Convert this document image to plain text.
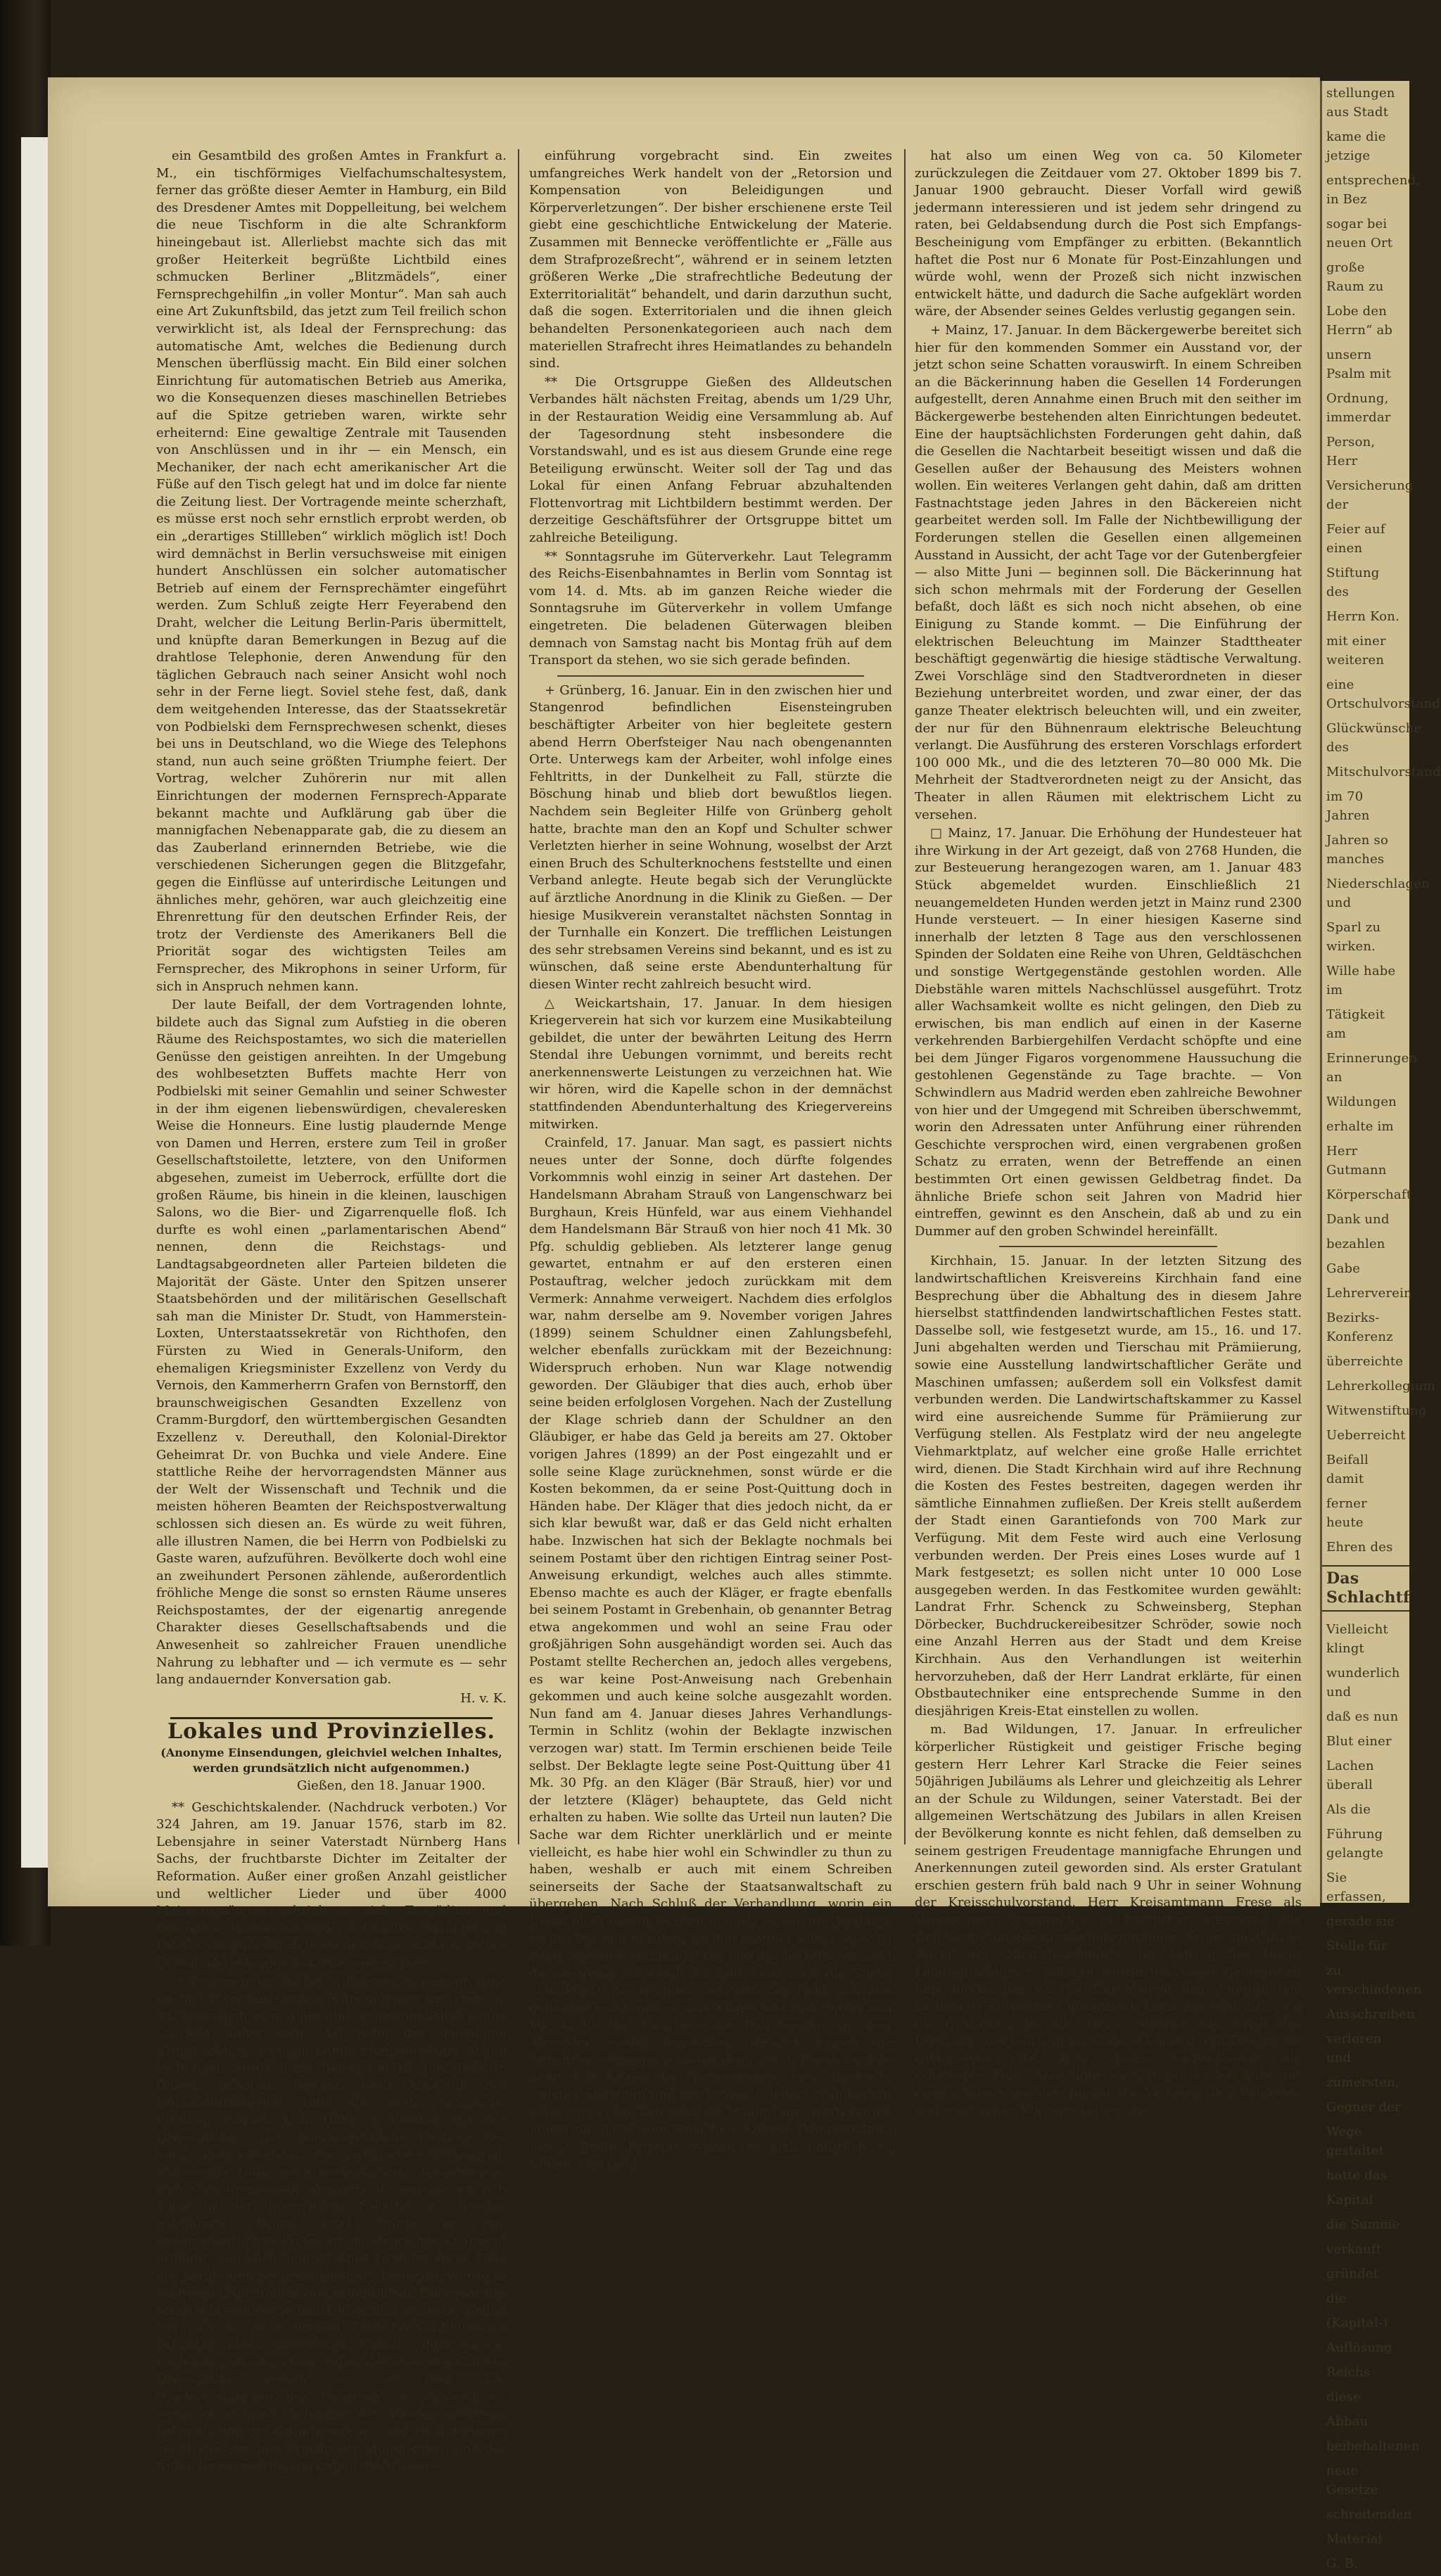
ein Gesamtbild des großen Amtes in Frankfurt a. M., ein tischförmiges Vielfachumschaltesystem, ferner das größte dieser Aemter in Hamburg, ein Bild des Dresdener Amtes mit Doppelleitung, bei welchem die neue Tischform in die alte Schrankform hineingebaut ist. Allerliebst machte sich das mit großer Heiterkeit begrüßte Lichtbild eines schmucken Berliner „Blitzmädels“, einer Fernsprechgehilfin „in voller Montur“. Man sah auch eine Art Zukunftsbild, das jetzt zum Teil freilich schon verwirklicht ist, als Ideal der Fernsprechung: das automatische Amt, welches die Bedienung durch Menschen überflüssig macht. Ein Bild einer solchen Einrichtung für automatischen Betrieb aus Amerika, wo die Konsequenzen dieses maschinellen Betriebes auf die Spitze getrieben waren, wirkte sehr erheiternd: Eine gewaltige Zentrale mit Tausenden von Anschlüssen und in ihr — ein Mensch, ein Mechaniker, der nach echt amerikanischer Art die Füße auf den Tisch gelegt hat und im dolce far niente die Zeitung liest. Der Vortragende meinte scherzhaft, es müsse erst noch sehr ernstlich erprobt werden, ob ein „derartiges Stillleben“ wirklich möglich ist! Doch wird demnächst in Berlin versuchsweise mit einigen hundert Anschlüssen ein solcher automatischer Betrieb auf einem der Fernsprechämter eingeführt werden. Zum Schluß zeigte Herr Feyerabend den Draht, welcher die Leitung Berlin-Paris übermittelt, und knüpfte daran Bemerkungen in Bezug auf die drahtlose Telephonie, deren Anwendung für den täglichen Gebrauch nach seiner Ansicht wohl noch sehr in der Ferne liegt. Soviel stehe fest, daß, dank dem weitgehenden Interesse, das der Staatssekretär von Podbielski dem Fernsprechwesen schenkt, dieses bei uns in Deutschland, wo die Wiege des Telephons stand, nun auch seine größten Triumphe feiert. Der Vortrag, welcher Zuhörerin nur mit allen Einrichtungen der modernen Fernsprech-Apparate bekannt machte und Aufklärung gab über die mannigfachen Nebenapparate gab, die zu diesem an das Zauberland erinnernden Betriebe, wie die verschiedenen Sicherungen gegen die Blitzgefahr, gegen die Einflüsse auf unterirdische Leitungen und ähnliches mehr, gehören, war auch gleichzeitig eine Ehrenrettung für den deutschen Erfinder Reis, der trotz der Verdienste des Amerikaners Bell die Priorität sogar des wichtigsten Teiles am Fernsprecher, des Mikrophons in seiner Urform, für sich in Anspruch nehmen kann.

Der laute Beifall, der dem Vortragenden lohnte, bildete auch das Signal zum Aufstieg in die oberen Räume des Reichspostamtes, wo sich die materiellen Genüsse den geistigen anreihten. In der Umgebung des wohlbesetzten Buffets machte Herr von Podbielski mit seiner Gemahlin und seiner Schwester in der ihm eigenen liebenswürdigen, chevaleresken Weise die Honneurs. Eine lustig plaudernde Menge von Damen und Herren, erstere zum Teil in großer Gesellschaftstoilette, letztere, von den Uniformen abgesehen, zumeist im Ueberrock, erfüllte dort die großen Räume, bis hinein in die kleinen, lauschigen Salons, wo die Bier- und Zigarrenquelle floß. Ich durfte es wohl einen „parlamentarischen Abend“ nennen, denn die Reichstags- und Landtagsabgeordneten aller Parteien bildeten die Majorität der Gäste. Unter den Spitzen unserer Staatsbehörden und der militärischen Gesellschaft sah man die Minister Dr. Studt, von Hammerstein-Loxten, Unterstaatssekretär von Richthofen, den Fürsten zu Wied in Generals-Uniform, den ehemaligen Kriegsminister Exzellenz von Verdy du Vernois, den Kammerherrn Grafen von Bernstorff, den braunschweigischen Gesandten Exzellenz von Cramm-Burgdorf, den württembergischen Gesandten Exzellenz v. Dereuthall, den Kolonial-Direktor Geheimrat Dr. von Buchka und viele Andere. Eine stattliche Reihe der hervorragendsten Männer aus der Welt der Wissenschaft und Technik und die meisten höheren Beamten der Reichspostverwaltung schlossen sich diesen an. Es würde zu weit führen, alle illustren Namen, die bei Herrn von Podbielski zu Gaste waren, aufzuführen. Bevölkerte doch wohl eine an zweihundert Personen zählende, außerordentlich fröhliche Menge die sonst so ernsten Räume unseres Reichspostamtes, der der eigenartig anregende Charakter dieses Gesellschaftsabends und die Anwesenheit so zahlreicher Frauen unendliche Nahrung zu lebhafter und — ich vermute es — sehr lang andauernder Konversation gab.

H. v. K.

Lokales und Provinzielles.

(Anonyme Einsendungen, gleichviel welchen Inhaltes, werden grundsätzlich nicht aufgenommen.)

Gießen, den 18. Januar 1900.

** Geschichtskalender. (Nachdruck verboten.) Vor 324 Jahren, am 19. Januar 1576, starb im 82. Lebensjahre in seiner Vaterstadt Nürnberg Hans Sachs, der fruchtbarste Dichter im Zeitalter der Reformation. Außer einer großen Anzahl geistlicher und weltlicher Lieder und über 4000 Meistergesängen schrieb er viele Tragödien und Komödien, Fastnachtsspiele, Schwänke, Sprüche und Fabeln, die sich durch gesunden Sinn, echt deutsches Gemüt und schlagenden Witz auszeichnen.

** Professor Dr. Beling in Breslau, der einem Rufe an die Universität Gießen Folge geleistet hat, steht im 34. Lebensjahre, und hat eine ungewöhnlich schnelle Carrière hinter sich. Als Sohn des damaligen Kreisdirektors, jetzigen Landgerichtsdirektors Beling in Breslau wurde Ernst Beling am 19. Juni 1866 in Glogau geboren, bestand nach Abschluß der Universitätsstudien 1888 die erste juristische Prüfung, erwarb sich 1890 in Breslau mit der Dissertation: „Die gemeinrechtliche Geltung der operis novi nunciatio“ den juristischen Doktorgrad, und wurde 1892, nach bestandenem Staatsexamen, zum Gerichtsassessor ernannt, als welcher er sich 1893 in der juristischen Fakultät zu Breslau habilitierte. Schon 1897 wurde er zum außerordentlichen Professor für deutsches Zivilrecht ernannt, und nach dem im April 1898 erfolgten Tode des berühmten Strafrechtslehrers Bennecke wurde er als dessen Nachfolger zum ordentlichen Professor des Strafrechts an derselben Universität ernannt. Beling hat sich in einer großen Zahl hochbedeutsamer Schriften einen geachteten Namen unter seinen Fachgenossen erworben. Außer der oben angeführten Dissertation nennen wir von ihm: „Die Wiedereinführung der Berufung in Strafsachen“, worin er sich als Anhänger der Wiedereinführung bekannt, und die Gründe erörtert und zu widerlegen sucht, die aus dem Prinzip der Mündlichkeit und der freien Beweiswürdigung gegen die Wieder-

einführung vorgebracht sind. Ein zweites umfangreiches Werk handelt von der „Retorsion und Kompensation von Beleidigungen und Körperverletzungen“. Der bisher erschienene erste Teil giebt eine geschichtliche Entwickelung der Materie. Zusammen mit Bennecke veröffentlichte er „Fälle aus dem Strafprozeßrecht“, während er in seinem letzten größeren Werke „Die strafrechtliche Bedeutung der Exterritorialität“ behandelt, und darin darzuthun sucht, daß die sogen. Exterritorialen und die ihnen gleich behandelten Personenkategorieen auch nach dem materiellen Strafrecht ihres Heimatlandes zu behandeln sind.

** Die Ortsgruppe Gießen des Alldeutschen Verbandes hält nächsten Freitag, abends um 1/29 Uhr, in der Restauration Weidig eine Versammlung ab. Auf der Tagesordnung steht insbesondere die Vorstandswahl, und es ist aus diesem Grunde eine rege Beteiligung erwünscht. Weiter soll der Tag und das Lokal für einen Anfang Februar abzuhaltenden Flottenvortrag mit Lichtbildern bestimmt werden. Der derzeitige Geschäftsführer der Ortsgruppe bittet um zahlreiche Beteiligung.

** Sonntagsruhe im Güterverkehr. Laut Telegramm des Reichs-Eisenbahnamtes in Berlin vom Sonntag ist vom 14. d. Mts. ab im ganzen Reiche wieder die Sonntagsruhe im Güterverkehr in vollem Umfange eingetreten. Die beladenen Güterwagen bleiben demnach von Samstag nacht bis Montag früh auf dem Transport da stehen, wo sie sich gerade befinden.

+ Grünberg, 16. Januar. Ein in den zwischen hier und Stangenrod befindlichen Eisensteingruben beschäftigter Arbeiter von hier begleitete gestern abend Herrn Oberfsteiger Nau nach obengenannten Orte. Unterwegs kam der Arbeiter, wohl infolge eines Fehltritts, in der Dunkelheit zu Fall, stürzte die Böschung hinab und blieb dort bewußtlos liegen. Nachdem sein Begleiter Hilfe von Grünberg geholt hatte, brachte man den an Kopf und Schulter schwer Verletzten hierher in seine Wohnung, woselbst der Arzt einen Bruch des Schulterknochens feststellte und einen Verband anlegte. Heute begab sich der Verunglückte auf ärztliche Anordnung in die Klinik zu Gießen. — Der hiesige Musikverein veranstaltet nächsten Sonntag in der Turnhalle ein Konzert. Die trefflichen Leistungen des sehr strebsamen Vereins sind bekannt, und es ist zu wünschen, daß seine erste Abendunterhaltung für diesen Winter recht zahlreich besucht wird.

△ Weickartshain, 17. Januar. In dem hiesigen Kriegerverein hat sich vor kurzem eine Musikabteilung gebildet, die unter der bewährten Leitung des Herrn Stendal ihre Uebungen vornimmt, und bereits recht anerkennenswerte Leistungen zu verzeichnen hat. Wie wir hören, wird die Kapelle schon in der demnächst stattfindenden Abendunterhaltung des Kriegervereins mitwirken.

Crainfeld, 17. Januar. Man sagt, es passiert nichts neues unter der Sonne, doch dürfte folgendes Vorkommnis wohl einzig in seiner Art dastehen. Der Handelsmann Abraham Strauß von Langenschwarz bei Burghaun, Kreis Hünfeld, war aus einem Viehhandel dem Handelsmann Bär Strauß von hier noch 41 Mk. 30 Pfg. schuldig geblieben. Als letzterer lange genug gewartet, entnahm er auf den ersteren einen Postauftrag, welcher jedoch zurückkam mit dem Vermerk: Annahme verweigert. Nachdem dies erfolglos war, nahm derselbe am 9. November vorigen Jahres (1899) seinem Schuldner einen Zahlungsbefehl, welcher ebenfalls zurückkam mit der Bezeichnung: Widerspruch erhoben. Nun war Klage notwendig geworden. Der Gläubiger that dies auch, erhob über seine beiden erfolglosen Vorgehen. Nach der Zustellung der Klage schrieb dann der Schuldner an den Gläubiger, er habe das Geld ja bereits am 27. Oktober vorigen Jahres (1899) an der Post eingezahlt und er solle seine Klage zurücknehmen, sonst würde er die Kosten bekommen, da er seine Post-Quittung doch in Händen habe. Der Kläger that dies jedoch nicht, da er sich klar bewußt war, daß er das Geld nicht erhalten habe. Inzwischen hat sich der Beklagte nochmals bei seinem Postamt über den richtigen Eintrag seiner Post-Anweisung erkundigt, welches auch alles stimmte. Ebenso machte es auch der Kläger, er fragte ebenfalls bei seinem Postamt in Grebenhain, ob genannter Betrag etwa angekommen und wohl an seine Frau oder großjährigen Sohn ausgehändigt worden sei. Auch das Postamt stellte Recherchen an, jedoch alles vergebens, es war keine Post-Anweisung nach Grebenhain gekommen und auch keine solche ausgezahlt worden. Nun fand am 4. Januar dieses Jahres Verhandlungs-Termin in Schlitz (wohin der Beklagte inzwischen verzogen war) statt. Im Termin erschienen beide Teile selbst. Der Beklagte legte seine Post-Quittung über 41 Mk. 30 Pfg. an den Kläger (Bär Strauß, hier) vor und der letztere (Kläger) behauptete, das Geld nicht erhalten zu haben. Wie sollte das Urteil nun lauten? Die Sache war dem Richter unerklärlich und er meinte vielleicht, es habe hier wohl ein Schwindler zu thun zu haben, weshalb er auch mit einem Schreiben seinerseits der Sache der Staatsanwaltschaft zu übergeben. Nach Schluß der Verhandlung, worin ein Urteil nicht gefällt werden konnte, wurde der Beklagte an das Postamt gerufen, wo ihm eröffnet wurde, daß die Postanweisung vorigen Jahres und das betreffende Geld da sei (denn während der Zeit hatte sich die Sache aufgeklärt). Als letzterer sah, daß das Geld sich nun gefunden hatte, gab er dem Kläger nun den Betrag von Mk 41,30. Das Geld von der Post wurde nun dem Absender wieder angeboten, welcher jedoch die Annahme verweigerte. Nach dem, am 7. Januar, wurde dann dem Kläger die Postanweisung hier zugestellt, welcher abgethan und der Prozeß erledigt. Nun kommt noch eine Frage und zwar die Hauptfrage: Werträgt die immerhin nicht unerheblichen Kosten (Weggebühren usw.)? Beide Parteien wissen es sich natürlich zu zahlen. Das Geld

hat also um einen Weg von ca. 50 Kilometer zurückzulegen die Zeitdauer vom 27. Oktober 1899 bis 7. Januar 1900 gebraucht. Dieser Vorfall wird gewiß jedermann interessieren und ist jedem sehr dringend zu raten, bei Geldabsendung durch die Post sich Empfangs-Bescheinigung vom Empfänger zu erbitten. (Bekanntlich haftet die Post nur 6 Monate für Post-Einzahlungen und würde wohl, wenn der Prozeß sich nicht inzwischen entwickelt hätte, und dadurch die Sache aufgeklärt worden wäre, der Absender seines Geldes verlustig gegangen sein.

+ Mainz, 17. Januar. In dem Bäckergewerbe bereitet sich hier für den kommenden Sommer ein Ausstand vor, der jetzt schon seine Schatten vorauswirft. In einem Schreiben an die Bäckerinnung haben die Gesellen 14 Forderungen aufgestellt, deren Annahme einen Bruch mit den seither im Bäckergewerbe bestehenden alten Einrichtungen bedeutet. Eine der hauptsächlichsten Forderungen geht dahin, daß die Gesellen die Nachtarbeit beseitigt wissen und daß die Gesellen außer der Behausung des Meisters wohnen wollen. Ein weiteres Verlangen geht dahin, daß am dritten Fastnachtstage jeden Jahres in den Bäckereien nicht gearbeitet werden soll. Im Falle der Nichtbewilligung der Forderungen stellen die Gesellen einen allgemeinen Ausstand in Aussicht, der acht Tage vor der Gutenbergfeier — also Mitte Juni — beginnen soll. Die Bäckerinnung hat sich schon mehrmals mit der Forderung der Gesellen befaßt, doch läßt es sich noch nicht absehen, ob eine Einigung zu Stande kommt. — Die Einführung der elektrischen Beleuchtung im Mainzer Stadttheater beschäftigt gegenwärtig die hiesige städtische Verwaltung. Zwei Vorschläge sind den Stadtverordneten in dieser Beziehung unterbreitet worden, und zwar einer, der das ganze Theater elektrisch beleuchten will, und ein zweiter, der nur für den Bühnenraum elektrische Beleuchtung verlangt. Die Ausführung des ersteren Vorschlags erfordert 100 000 Mk., und die des letzteren 70—80 000 Mk. Die Mehrheit der Stadtverordneten neigt zu der Ansicht, das Theater in allen Räumen mit elektrischem Licht zu versehen.

□ Mainz, 17. Januar. Die Erhöhung der Hundesteuer hat ihre Wirkung in der Art gezeigt, daß von 2768 Hunden, die zur Besteuerung herangezogen waren, am 1. Januar 483 Stück abgemeldet wurden. Einschließlich 21 neuangemeldeten Hunden werden jetzt in Mainz rund 2300 Hunde versteuert. — In einer hiesigen Kaserne sind innerhalb der letzten 8 Tage aus den verschlossenen Spinden der Soldaten eine Reihe von Uhren, Geldtäschchen und sonstige Wertgegenstände gestohlen worden. Alle Diebstähle waren mittels Nachschlüssel ausgeführt. Trotz aller Wachsamkeit wollte es nicht gelingen, den Dieb zu erwischen, bis man endlich auf einen in der Kaserne verkehrenden Barbiergehilfen Verdacht schöpfte und eine bei dem Jünger Figaros vorgenommene Haussuchung die gestohlenen Gegenstände zu Tage brachte. — Von Schwindlern aus Madrid werden eben zahlreiche Bewohner von hier und der Umgegend mit Schreiben überschwemmt, worin den Adressaten unter Anführung einer rührenden Geschichte versprochen wird, einen vergrabenen großen Schatz zu erraten, wenn der Betreffende an einen bestimmten Ort einen gewissen Geldbetrag findet. Da ähnliche Briefe schon seit Jahren von Madrid hier eintreffen, gewinnt es den Anschein, daß ab und zu ein Dummer auf den groben Schwindel hereinfällt.

Kirchhain, 15. Januar. In der letzten Sitzung des landwirtschaftlichen Kreisvereins Kirchhain fand eine Besprechung über die Abhaltung des in diesem Jahre hierselbst stattfindenden landwirtschaftlichen Festes statt. Dasselbe soll, wie festgesetzt wurde, am 15., 16. und 17. Juni abgehalten werden und Tierschau mit Prämiierung, sowie eine Ausstellung landwirtschaftlicher Geräte und Maschinen umfassen; außerdem soll ein Volksfest damit verbunden werden. Die Landwirtschaftskammer zu Kassel wird eine ausreichende Summe für Prämiierung zur Verfügung stellen. Als Festplatz wird der neu angelegte Viehmarktplatz, auf welcher eine große Halle errichtet wird, dienen. Die Stadt Kirchhain wird auf ihre Rechnung die Kosten des Festes bestreiten, dagegen werden ihr sämtliche Einnahmen zufließen. Der Kreis stellt außerdem der Stadt einen Garantiefonds von 700 Mark zur Verfügung. Mit dem Feste wird auch eine Verlosung verbunden werden. Der Preis eines Loses wurde auf 1 Mark festgesetzt; es sollen nicht unter 10 000 Lose ausgegeben werden. In das Festkomitee wurden gewählt: Landrat Frhr. Schenck zu Schweinsberg, Stephan Dörbecker, Buchdruckereibesitzer Schröder, sowie noch eine Anzahl Herren aus der Stadt und dem Kreise Kirchhain. Aus den Verhandlungen ist weiterhin hervorzuheben, daß der Herr Landrat erklärte, für einen Obstbautechniker eine entsprechende Summe in den diesjährigen Kreis-Etat einstellen zu wollen.

m. Bad Wildungen, 17. Januar. In erfreulicher körperlicher Rüstigkeit und geistiger Frische beging gestern Herr Lehrer Karl Stracke die Feier seines 50jährigen Jubiläums als Lehrer und gleichzeitig als Lehrer an der Schule zu Wildungen, seiner Vaterstadt. Bei der allgemeinen Wertschätzung des Jubilars in allen Kreisen der Bevölkerung konnte es nicht fehlen, daß demselben zu seinem gestrigen Freudentage mannigfache Ehrungen und Anerkennungen zuteil geworden sind. Als erster Gratulant erschien gestern früh bald nach 9 Uhr in seiner Wohnung der Kreisschulvorstand, Herr Kreisamtmann Frese als Vorsitzender überbrachte in herzlicher Ansprache die Glückwünsche des Kreisschulvorstandes, ferner im Auftrag solche der Oberschulbehörde. Im Auftrag des Herrn Landesdirektors v. Saldern wurde bei dieser Gelegenheit dem Jubilar das von Sr. Durchlaucht dem Fürsten ihm verliehene Ehrenkreuz überreicht. Ueberaus zahlreich sind die Glückwünsche, die Herrn Stracke aus Anlaß des Jubiläums von nah und fern brieflich und durch Telegramm zugegangen sind. Eine ebenso ansprechende wie erhebende Feier vereinigte vormittags in der Aula der neuen Schule um den Jubilar die Vertreter der Behörden und städtischen Körperschaften, die

stellungen aus Stadt

kame die jetzige

entsprechend, in Bez

sogar bei neuen Ort

große Raum zu

Lobe den Herrn“ ab

unsern Psalm mit

Ordnung, immerdar

Person, Herr

Versicherung der

Feier auf einen

Stiftung des

Herrn Kon.

mit einer weiteren

eine Ortschulvorstand

Glückwünsche des

Mitschulvorstand

im 70 Jahren

Jahren so manches

Niederschlagen und

Sparl zu wirken.

Wille habe im

Tätigkeit am

Erinnerungen an

Wildungen

erhalte im

Herr Gutmann

Körperschaft

Dank und

bezahlen

Gabe

Lehrerverein

Bezirks-Konferenz

überreichte

Lehrerkollegium

Witwenstiftung

Ueberreicht

Beifall damit

ferner heute

Ehren des

Das Schlachtf

Vielleicht klingt

wunderlich und

daß es nun

Blut einer

Lachen überall

Als die

Führung gelangte

Sie erfassen,

gerade sie

Stelle für

zu verschiedenen

Ausschreiben

verloren und

zumersten,

Gegner der

Wege gestaltet

hatte das

Kapital

die Summe

verkauft

gründet

die

(Kapital-)

Auflösung

Reichs

diese

Abbau

beibehaltenen

neue Gesetze

schreitenden

Material

G. B.
